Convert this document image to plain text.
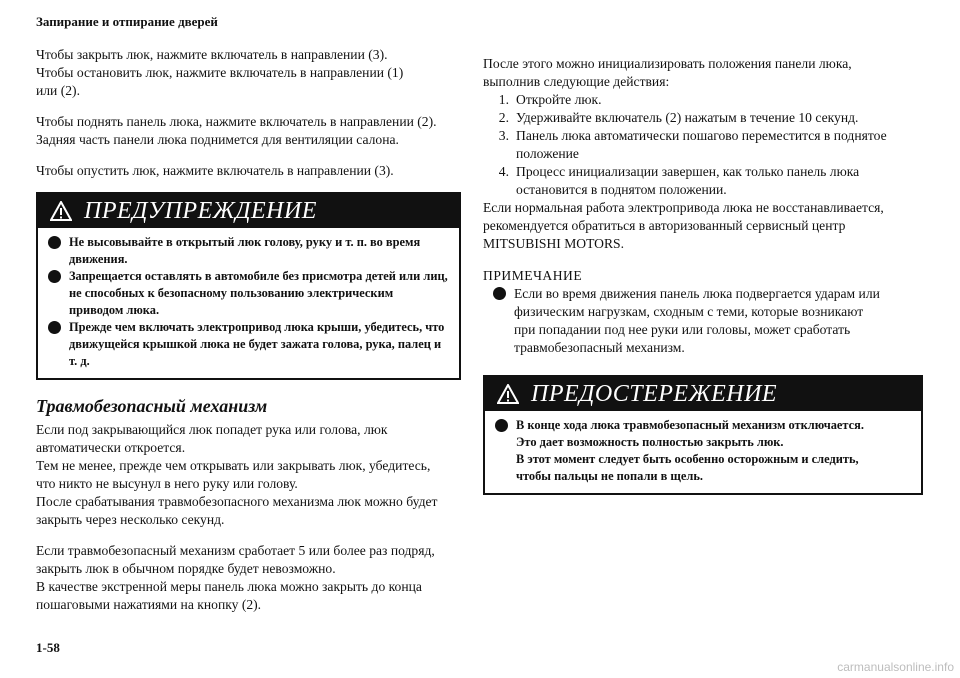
Запирание и отпирание дверей

Чтобы закрыть люк, нажмите включатель в направлении (3).
Чтобы остановить люк, нажмите включатель в направлении (1)
или (2).

Чтобы поднять панель люка, нажмите включатель в направлении (2).
Задняя часть панели люка поднимется для вентиляции салона.

Чтобы опустить люк, нажмите включатель в направлении (3).

ПРЕДУПРЕЖДЕНИЕ
Не высовывайте в открытый люк голову, руку и т. п. во время движения.
Запрещается оставлять в автомобиле без присмотра детей или лиц, не способных к безопасному пользованию электрическим приводом люка.
Прежде чем включать электропривод люка крыши, убедитесь, что движущейся крышкой люка не будет зажата голова, рука, палец и т. д.
Травмобезопасный механизм

Если под закрывающийся люк попадет рука или голова, люк
автоматически откроется.
Тем не менее, прежде чем открывать или закрывать люк, убедитесь,
что никто не высунул в него руку или голову.
После срабатывания травмобезопасного механизма люк можно будет
закрыть через несколько секунд.

Если травмобезопасный механизм сработает 5 или более раз подряд,
закрыть люк в обычном порядке будет невозможно.
В качестве экстренной меры панель люка можно закрыть до конца
пошаговыми нажатиями на кнопку (2).

После этого можно инициализировать положения панели люка,
выполнив следующие действия:

1. Откройте люк.
2. Удерживайте включатель (2) нажатым в течение 10 секунд.
3. Панель люка автоматически пошагово переместится в поднятое
положение
4. Процесс инициализации завершен, как только панель люка
остановится в поднятом положении.

Если нормальная работа электропривода люка не восстанавливается,
рекомендуется обратиться в авторизованный сервисный центр
MITSUBISHI MOTORS.

ПРИМЕЧАНИЕ
Если во время движения панель люка подвергается ударам или
физическим нагрузкам, сходным с теми, которые возникают
при попадании под нее руки или головы, может сработать
травмобезопасный механизм.
ПРЕДОСТЕРЕЖЕНИЕ
В конце хода люка травмобезопасный механизм отключается.
Это дает возможность полностью закрыть люк.
В этот момент следует быть особенно осторожным и следить,
чтобы пальцы не попали в щель.
1-58
carmanualsonline.info
